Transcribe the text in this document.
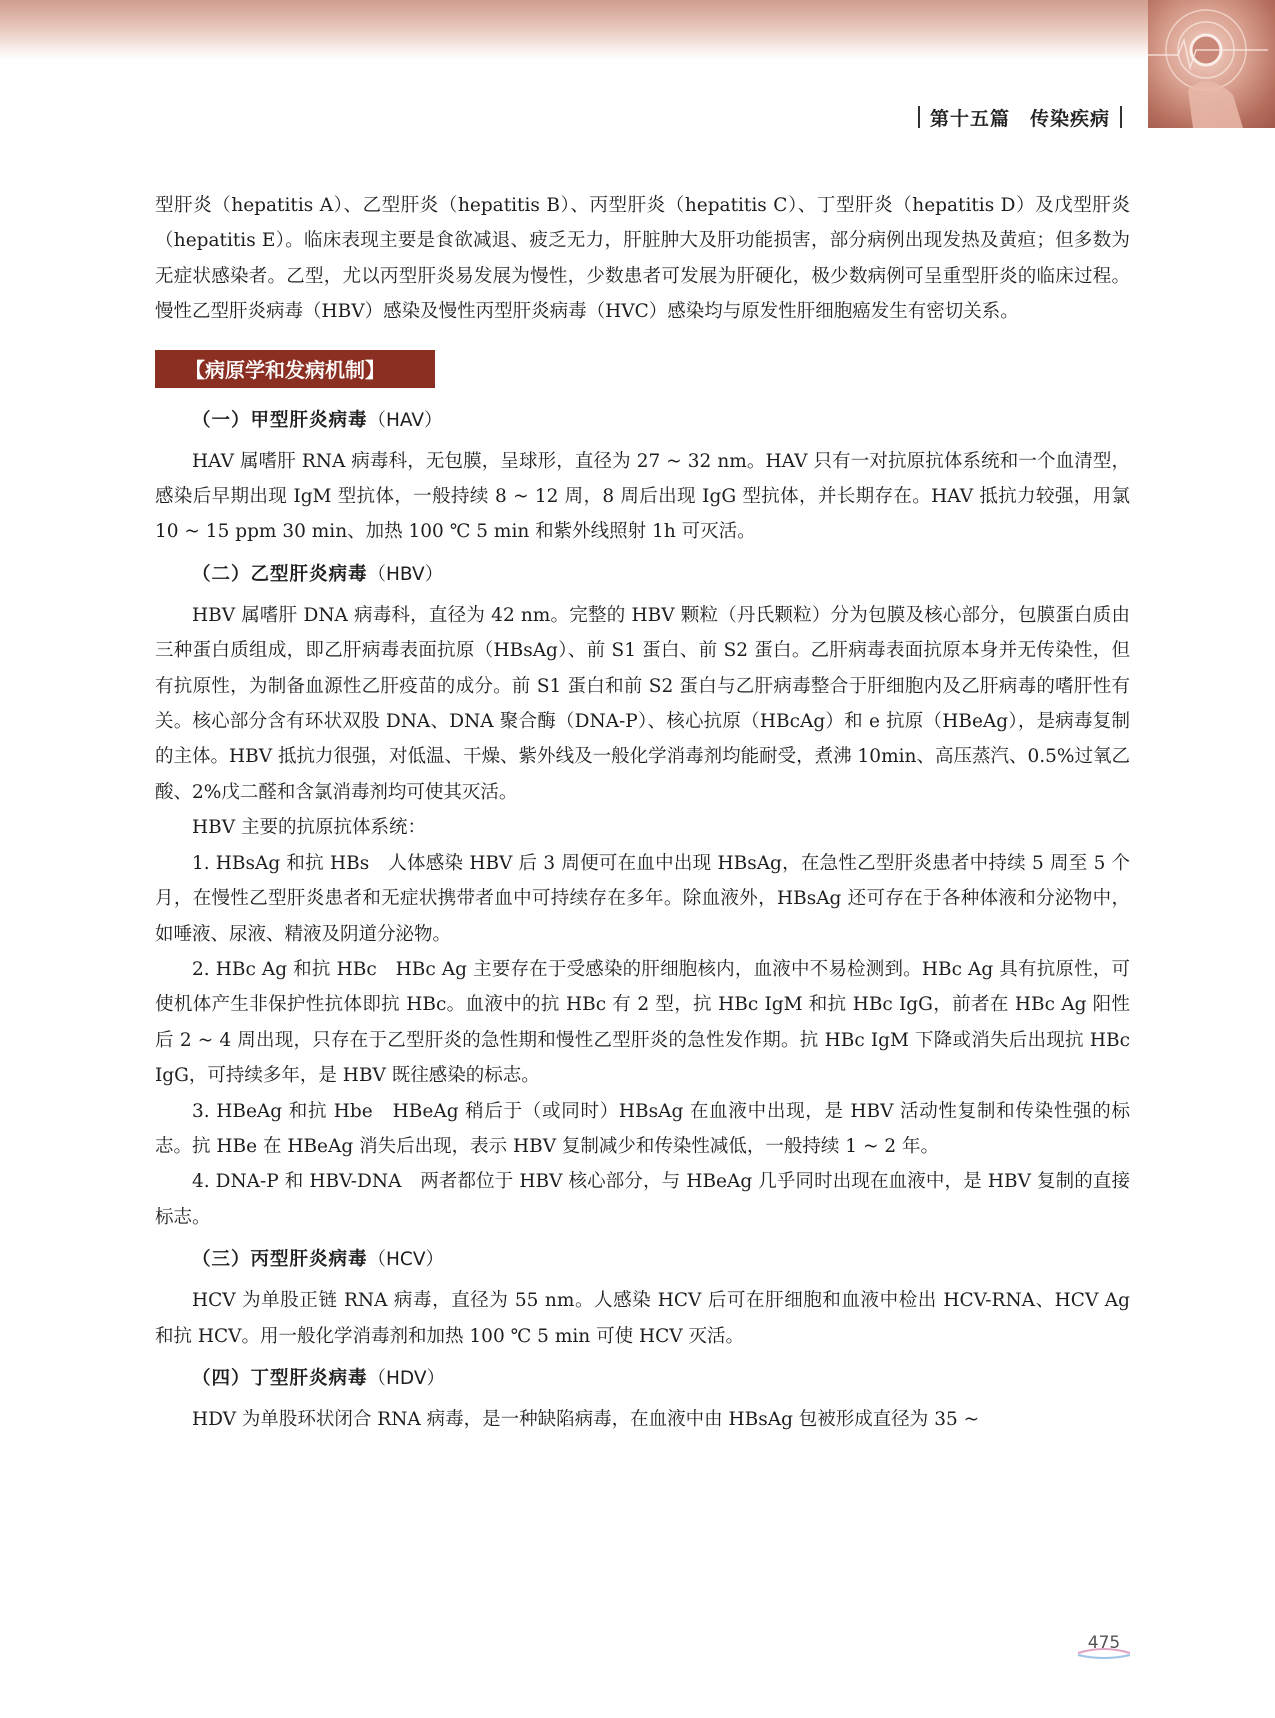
第十五篇 传染疾病

型肝炎（hepatitis A）、乙型肝炎（hepatitis B）、丙型肝炎（hepatitis C）、丁型肝炎（hepatitis D）及戊型肝炎（hepatitis E）。临床表现主要是食欲减退、疲乏无力，肝脏肿大及肝功能损害，部分病例出现发热及黄疸；但多数为无症状感染者。乙型，尤以丙型肝炎易发展为慢性，少数患者可发展为肝硬化，极少数病例可呈重型肝炎的临床过程。慢性乙型肝炎病毒（HBV）感染及慢性丙型肝炎病毒（HVC）感染均与原发性肝细胞癌发生有密切关系。

【病原学和发病机制】
（一）甲型肝炎病毒（HAV）

HAV 属嗜肝 RNA 病毒科，无包膜，呈球形，直径为 27 ~ 32 nm。HAV 只有一对抗原抗体系统和一个血清型，感染后早期出现 IgM 型抗体，一般持续 8 ~ 12 周，8 周后出现 IgG 型抗体，并长期存在。HAV 抵抗力较强，用氯 10 ~ 15 ppm 30 min、加热 100 ℃ 5 min 和紫外线照射 1h 可灭活。

（二）乙型肝炎病毒（HBV）

HBV 属嗜肝 DNA 病毒科，直径为 42 nm。完整的 HBV 颗粒（丹氏颗粒）分为包膜及核心部分，包膜蛋白质由三种蛋白质组成，即乙肝病毒表面抗原（HBsAg）、前 S1 蛋白、前 S2 蛋白。乙肝病毒表面抗原本身并无传染性，但有抗原性，为制备血源性乙肝疫苗的成分。前 S1 蛋白和前 S2 蛋白与乙肝病毒整合于肝细胞内及乙肝病毒的嗜肝性有关。核心部分含有环状双股 DNA、DNA 聚合酶（DNA-P）、核心抗原（HBcAg）和 e 抗原（HBeAg），是病毒复制的主体。HBV 抵抗力很强，对低温、干燥、紫外线及一般化学消毒剂均能耐受，煮沸 10min、高压蒸汽、0.5%过氧乙酸、2%戊二醛和含氯消毒剂均可使其灭活。

HBV 主要的抗原抗体系统：

1. HBsAg 和抗 HBs　人体感染 HBV 后 3 周便可在血中出现 HBsAg，在急性乙型肝炎患者中持续 5 周至 5 个月，在慢性乙型肝炎患者和无症状携带者血中可持续存在多年。除血液外，HBsAg 还可存在于各种体液和分泌物中，如唾液、尿液、精液及阴道分泌物。

2. HBc Ag 和抗 HBc　HBc Ag 主要存在于受感染的肝细胞核内，血液中不易检测到。HBc Ag 具有抗原性，可使机体产生非保护性抗体即抗 HBc。血液中的抗 HBc 有 2 型，抗 HBc IgM 和抗 HBc IgG，前者在 HBc Ag 阳性后 2 ~ 4 周出现，只存在于乙型肝炎的急性期和慢性乙型肝炎的急性发作期。抗 HBc IgM 下降或消失后出现抗 HBc IgG，可持续多年，是 HBV 既往感染的标志。

3. HBeAg 和抗 Hbe　HBeAg 稍后于（或同时）HBsAg 在血液中出现，是 HBV 活动性复制和传染性强的标志。抗 HBe 在 HBeAg 消失后出现，表示 HBV 复制减少和传染性减低，一般持续 1 ~ 2 年。

4. DNA-P 和 HBV-DNA　两者都位于 HBV 核心部分，与 HBeAg 几乎同时出现在血液中，是 HBV 复制的直接标志。

（三）丙型肝炎病毒（HCV）

HCV 为单股正链 RNA 病毒，直径为 55 nm。人感染 HCV 后可在肝细胞和血液中检出 HCV-RNA、HCV Ag 和抗 HCV。用一般化学消毒剂和加热 100 ℃ 5 min 可使 HCV 灭活。

（四）丁型肝炎病毒（HDV）

HDV 为单股环状闭合 RNA 病毒，是一种缺陷病毒，在血液中由 HBsAg 包被形成直径为 35 ~

475
